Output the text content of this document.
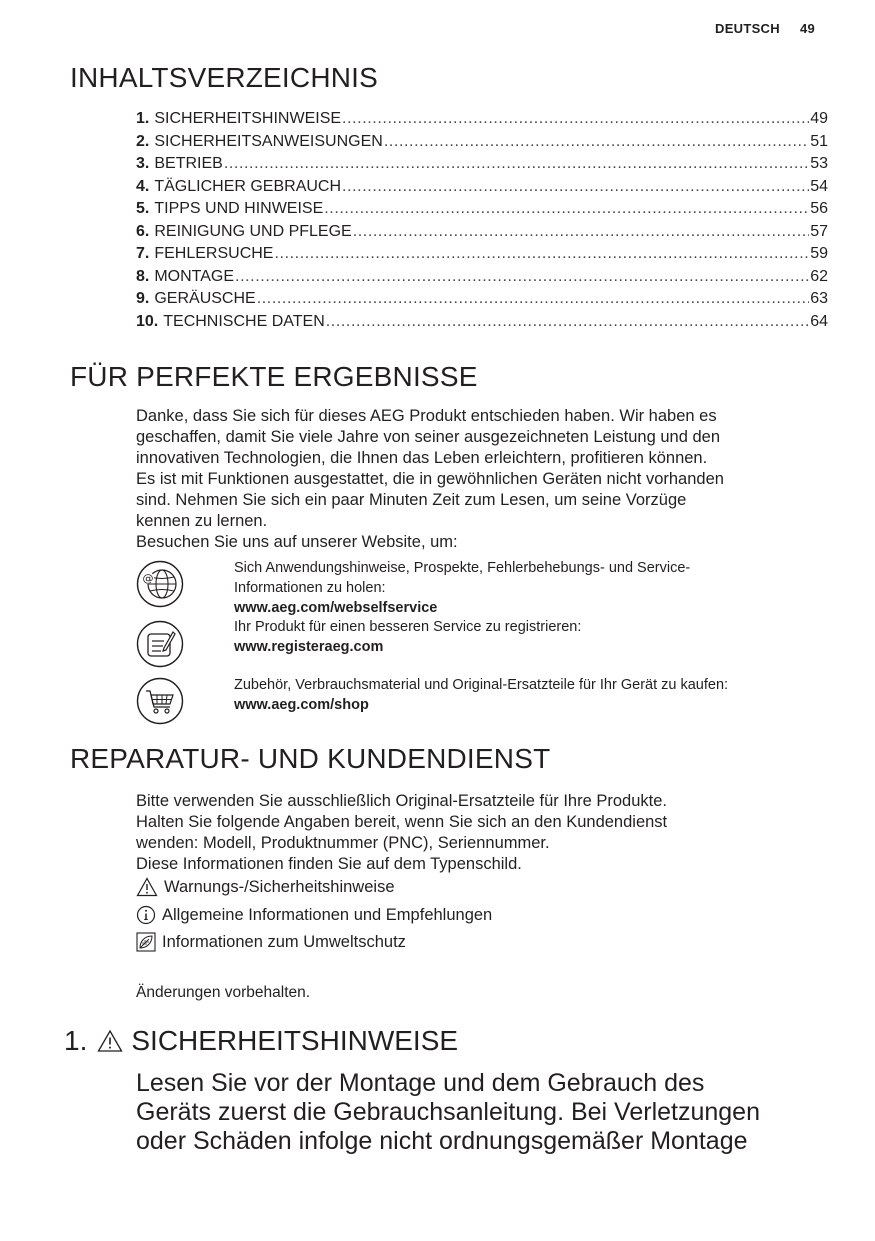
DEUTSCH 49
INHALTSVERZEICHNIS
1. SICHERHEITSHINWEISE .....	49
2. SICHERHEITSANWEISUNGEN .....	51
3. BETRIEB .....	53
4. TÄGLICHER GEBRAUCH .....	54
5. TIPPS UND HINWEISE .....	56
6. REINIGUNG UND PFLEGE .....	57
7. FEHLERSUCHE .....	59
8. MONTAGE .....	62
9. GERÄUSCHE .....	63
10. TECHNISCHE DATEN .....	64
FÜR PERFEKTE ERGEBNISSE
Danke, dass Sie sich für dieses AEG Produkt entschieden haben. Wir haben es
geschaffen, damit Sie viele Jahre von seiner ausgezeichneten Leistung und den
innovativen Technologien, die Ihnen das Leben erleichtern, profitieren können.
Es ist mit Funktionen ausgestattet, die in gewöhnlichen Geräten nicht vorhanden
sind. Nehmen Sie sich ein paar Minuten Zeit zum Lesen, um seine Vorzüge
kennen zu lernen.
Besuchen Sie uns auf unserer Website, um:
@
Sich Anwendungshinweise, Prospekte, Fehlerbehebungs- und Service-
Informationen zu holen:
www.aeg.com/webselfservice
Ihr Produkt für einen besseren Service zu registrieren:
www.registeraeg.com
Zubehör, Verbrauchsmaterial und Original-Ersatzteile für Ihr Gerät zu kaufen:
www.aeg.com/shop
REPARATUR- UND KUNDENDIENST
Bitte verwenden Sie ausschließlich Original-Ersatzteile für Ihre Produkte.
Halten Sie folgende Angaben bereit, wenn Sie sich an den Kundendienst
wenden: Modell, Produktnummer (PNC), Seriennummer.
Diese Informationen finden Sie auf dem Typenschild.
Warnungs-/Sicherheitshinweise
Allgemeine Informationen und Empfehlungen
Informationen zum Umweltschutz
Änderungen vorbehalten.
1. SICHERHEITSHINWEISE
Lesen Sie vor der Montage und dem Gebrauch des
Geräts zuerst die Gebrauchsanleitung. Bei Verletzungen
oder Schäden infolge nicht ordnungsgemäßer Montage
